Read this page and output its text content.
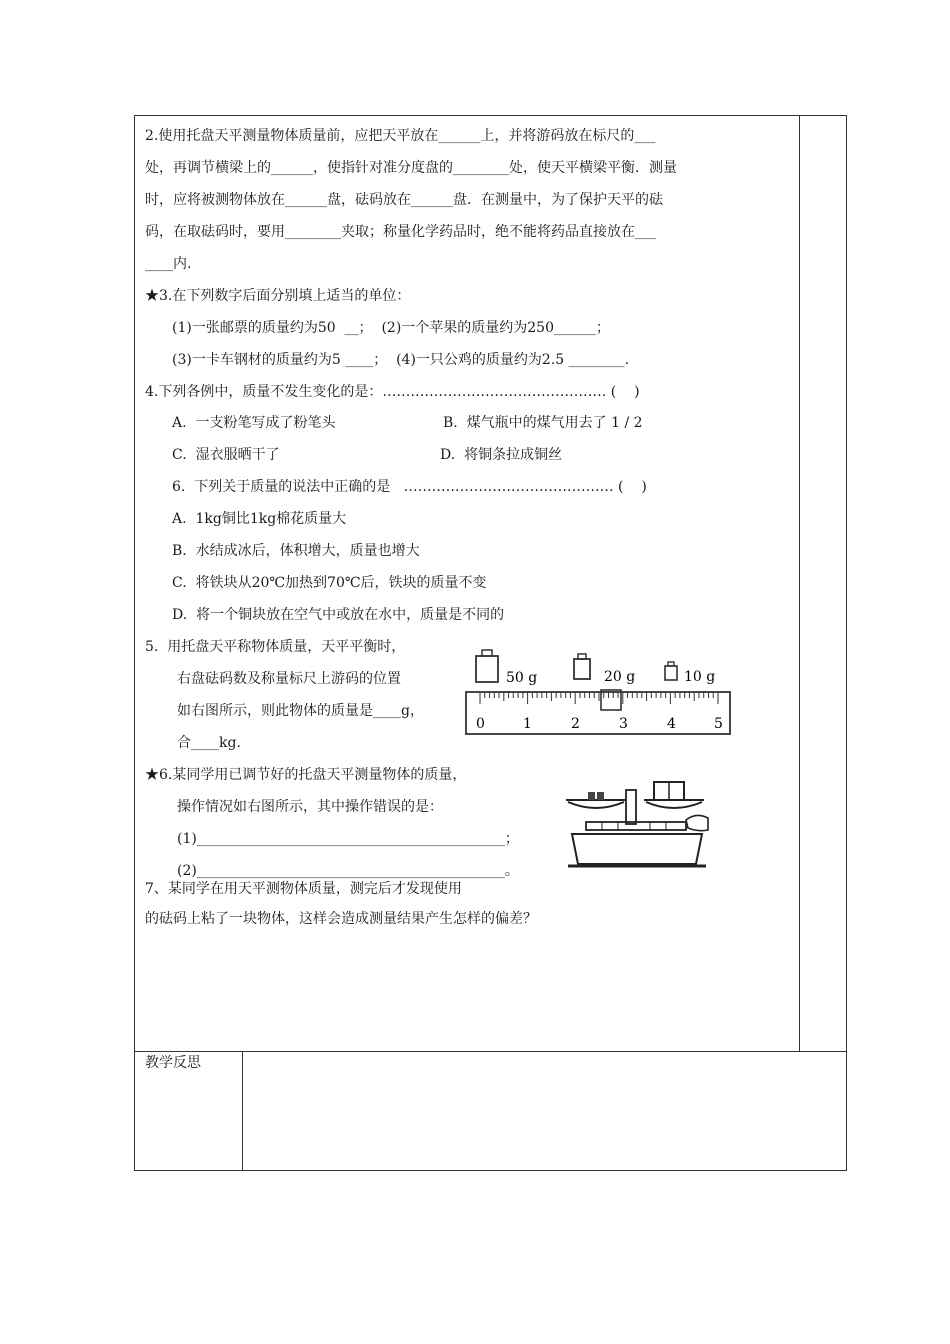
教学反思
2.使用托盘天平测量物体质量前，应把天平放在______上，并将游码放在标尺的___
处，再调节横梁上的______，使指针对准分度盘的________处，使天平横梁平衡．测量
时，应将被测物体放在______盘，砝码放在______盘．在测量中，为了保护天平的砝
码，在取砝码时，要用________夹取；称量化学药品时，绝不能将药品直接放在___
____内.
★3.在下列数字后面分别填上适当的单位：
(1)一张邮票的质量约为50  __；  (2)一个苹果的质量约为250______；
(3)一卡车钢材的质量约为5 ____；  (4)一只公鸡的质量约为2.5 ________.
4.下列各例中，质量不发生变化的是：………………………………………… (    )
A.  一支粉笔写成了粉笔头	B.  煤气瓶中的煤气用去了 1 / 2
C.  湿衣服晒干了	D.  将铜条拉成铜丝
6.  下列关于质量的说法中正确的是   ……………………………………… (    )
A.  1kg铜比1kg棉花质量大
B.  水结成冰后，体积增大，质量也增大
C.  将铁块从20℃加热到70℃后，铁块的质量不变
D.  将一个铜块放在空气中或放在水中，质量是不同的
5.  用托盘天平称物体质量，天平平衡时，
右盘砝码数及称量标尺上游码的位置
如右图所示，则此物体的质量是____g，
合____kg.
50 g	20 g	10 g
0	1	2	3	4	5
★6.某同学用已调节好的托盘天平测量物体的质量，
操作情况如右图所示，其中操作错误的是：
(1)____________________________________________；
(2)____________________________________________。
7、某同学在用天平测物体质量，测完后才发现使用
的砝码上粘了一块物体，这样会造成测量结果产生怎样的偏差？
